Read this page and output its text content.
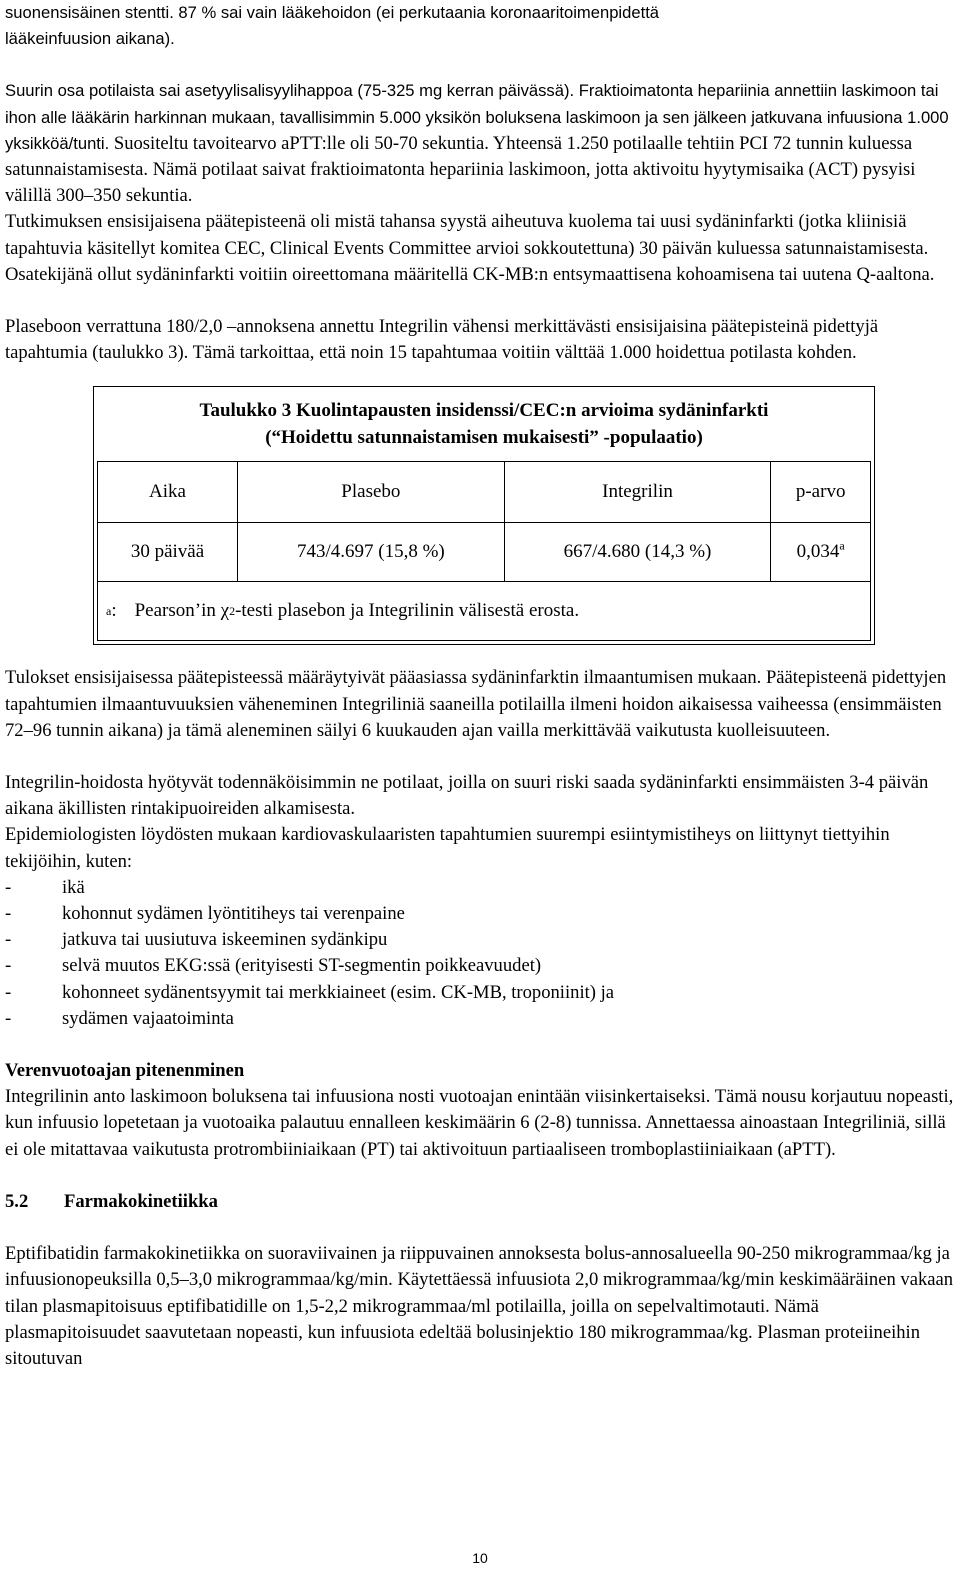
suonensisäinen stentti. 87 % sai vain lääkehoidon (ei perkutaania koronaaritoimenpidettä
lääkeinfuusion aikana).

Suurin osa potilaista sai asetyylisalisyylihappoa (75-325 mg kerran päivässä). Fraktioimatonta hepariinia annettiin laskimoon tai ihon alle lääkärin harkinnan mukaan, tavallisimmin 5.000 yksikön boluksena laskimoon ja sen jälkeen jatkuvana infuusiona 1.000 yksikköä/tunti. Suositeltu tavoitearvo aPTT:lle oli 50-70 sekuntia. Yhteensä 1.250 potilaalle tehtiin PCI 72 tunnin kuluessa satunnaistamisesta. Nämä potilaat saivat fraktioimatonta hepariinia laskimoon, jotta aktivoitu hyytymisaika (ACT) pysyisi välillä 300–350 sekuntia.

Tutkimuksen ensisijaisena päätepisteenä oli mistä tahansa syystä aiheutuva kuolema tai uusi sydäninfarkti (jotka kliinisiä tapahtuvia käsitellyt komitea CEC, Clinical Events Committee arvioi sokkoutettuna) 30 päivän kuluessa satunnaistamisesta. Osatekijänä ollut sydäninfarkti voitiin oireettomana määritellä CK-MB:n entsymaattisena kohoamisena tai uutena Q-aaltona.

Plaseboon verrattuna 180/2,0 –annoksena annettu Integrilin vähensi merkittävästi ensisijaisina päätepisteinä pidettyjä tapahtumia (taulukko 3). Tämä tarkoittaa, että noin 15 tapahtumaa voitiin välttää 1.000 hoidettua potilasta kohden.

Taulukko 3 Kuolintapausten insidenssi/CEC:n arvioima sydäninfarkti
(“Hoidettu satunnaistamisen mukaisesti” -populaatio)
Aika	Plasebo	Integrilin	p-arvo
30 päivää	743/4.697 (15,8 %)	667/4.680 (14,3 %)	0,034$^a$
a : Pearson’in χ 2 -testi plasebon ja Integrilinin välisestä erosta.

Tulokset ensisijaisessa päätepisteessä määräytyivät pääasiassa sydäninfarktin ilmaantumisen mukaan. Päätepisteenä pidettyjen tapahtumien ilmaantuvuuksien väheneminen Integriliniä saaneilla potilailla ilmeni hoidon aikaisessa vaiheessa (ensimmäisten 72–96 tunnin aikana) ja tämä aleneminen säilyi 6 kuukauden ajan vailla merkittävää vaikutusta kuolleisuuteen.

Integrilin-hoidosta hyötyvät todennäköisimmin ne potilaat, joilla on suuri riski saada sydäninfarkti ensimmäisten 3-4 päivän aikana äkillisten rintakipuoireiden alkamisesta.

Epidemiologisten löydösten mukaan kardiovaskulaaristen tapahtumien suurempi esiintymistiheys on liittynyt tiettyihin tekijöihin, kuten:

-	ikä
-	kohonnut sydämen lyöntitiheys tai verenpaine
-	jatkuva tai uusiutuva iskeeminen sydänkipu
-	selvä muutos EKG:ssä (erityisesti ST-segmentin poikkeavuudet)
-	kohonneet sydänentsyymit tai merkkiaineet (esim. CK-MB, troponiinit) ja
-	sydämen vajaatoiminta

Verenvuotoajan pitenenminen

Integrilinin anto laskimoon boluksena tai infuusiona nosti vuotoajan enintään viisinkertaiseksi. Tämä nousu korjautuu nopeasti, kun infuusio lopetetaan ja vuotoaika palautuu ennalleen keskimäärin 6 (2-8) tunnissa. Annettaessa ainoastaan Integriliniä, sillä ei ole mitattavaa vaikutusta protrombiiniaikaan (PT) tai aktivoituun partiaaliseen tromboplastiiniaikaan (aPTT).

5.2	Farmakokinetiikka

Eptifibatidin farmakokinetiikka on suoraviivainen ja riippuvainen annoksesta bolus-annosalueella 90-250 mikrogrammaa/kg ja infuusionopeuksilla 0,5–3,0 mikrogrammaa/kg/min. Käytettäessä infuusiota 2,0 mikrogrammaa/kg/min keskimääräinen vakaan tilan plasmapitoisuus eptifibatidille on 1,5-2,2 mikrogrammaa/ml potilailla, joilla on sepelvaltimotauti. Nämä plasmapitoisuudet saavutetaan nopeasti, kun infuusiota edeltää bolusinjektio 180 mikrogrammaa/kg. Plasman proteiineihin sitoutuvan

10
